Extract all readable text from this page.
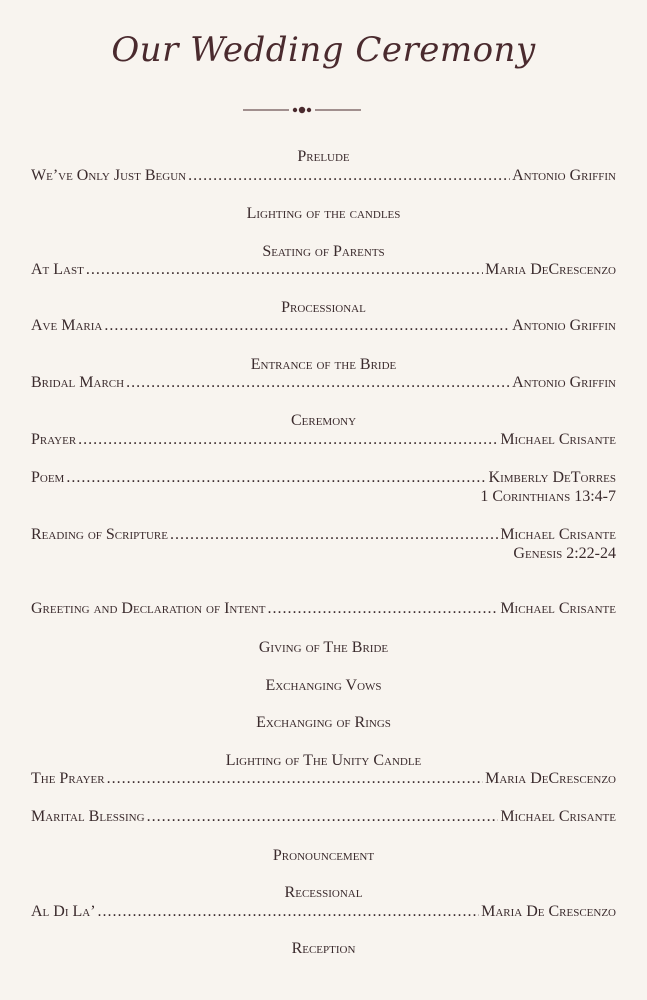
Our Wedding Ceremony
Prelude
We’ve Only Just Begun .....	Antonio Griffin
Lighting of the candles
Seating of Parents
At Last .....	Maria DeCrescenzo
Processional
Ave Maria .....	Antonio Griffin
Entrance of the Bride
Bridal March .....	Antonio Griffin
Ceremony
Prayer .....	Michael Crisante
Poem .....	Kimberly DeTorres
1 Corinthians 13:4-7
Reading of Scripture .....	Michael Crisante
Genesis 2:22-24
Greeting and Declaration of Intent .....	Michael Crisante
Giving of The Bride
Exchanging Vows
Exchanging of Rings
Lighting of The Unity Candle
The Prayer .....	Maria DeCrescenzo
Marital Blessing .....	Michael Crisante
Pronouncement
Recessional
Al Di La’ .....	Maria De Crescenzo
Reception
